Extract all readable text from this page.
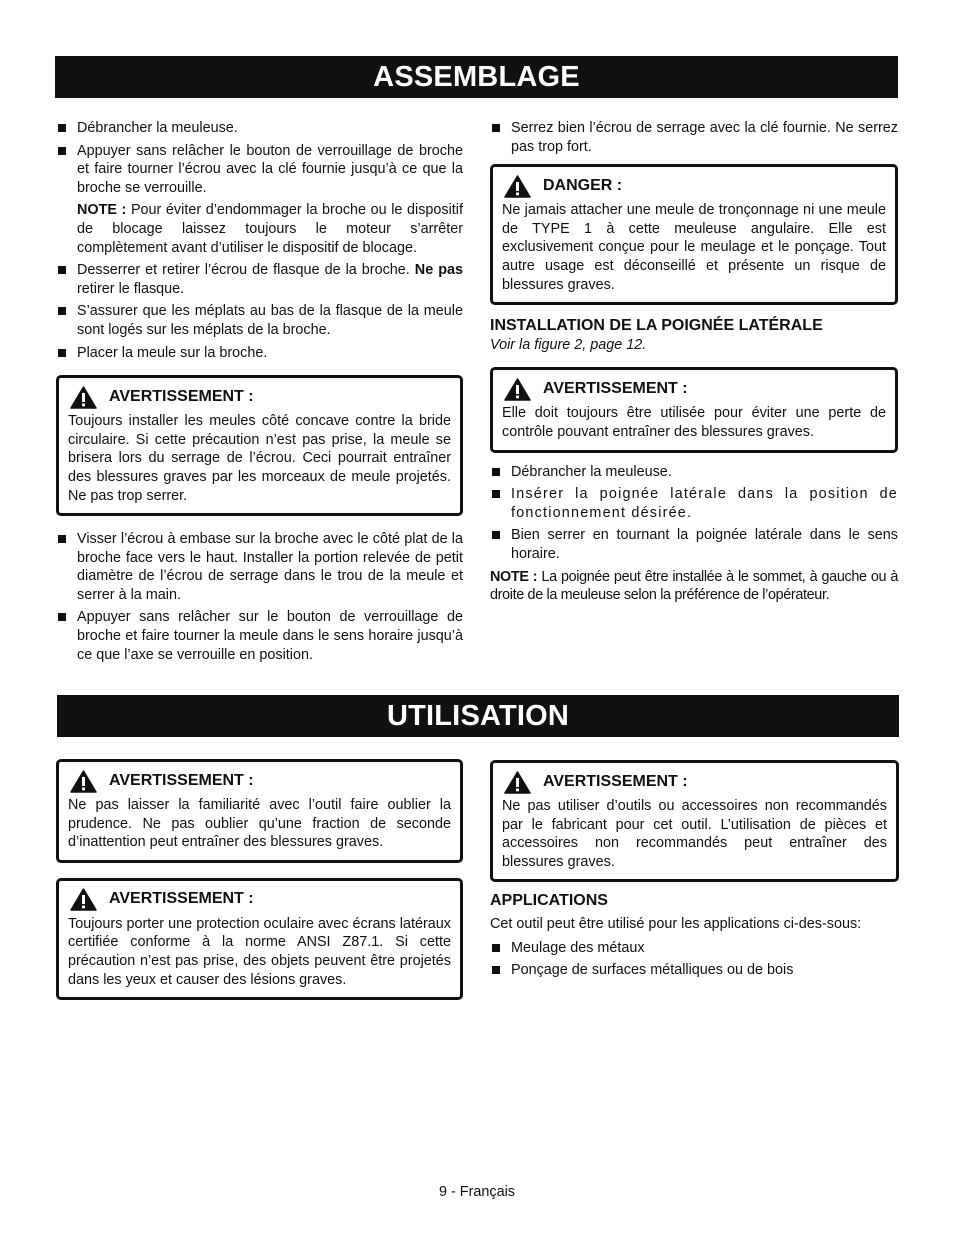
ASSEMBLAGE
Débrancher la meuleuse.
Appuyer sans relâcher le bouton de verrouillage de broche et faire tourner l’écrou avec la clé fournie jusqu’à ce que la broche se verrouille.

NOTE : Pour éviter d’endommager la broche ou le dispositif de blocage laissez toujours le moteur s’arrêter complètement avant d’utiliser le dispositif de blocage.

Desserrer et retirer l’écrou de flasque de la broche. Ne pas retirer le flasque.
S’assurer que les méplats au bas de la flasque de la meule sont logés sur les méplats de la broche.
Placer la meule sur la broche.
AVERTISSEMENT :

Toujours installer les meules côté concave contre la bride circulaire. Si cette précaution n’est pas prise, la meule se brisera lors du serrage de l’écrou. Ceci pourrait entraîner des blessures graves par les morceaux de meule projetés. Ne pas trop serrer.

Visser l’écrou à embase sur la broche avec le côté plat de la broche face vers le haut. Installer la portion relevée de petit diamètre de l’écrou de serrage dans le trou de la meule et serrer à la main.
Appuyer sans relâcher sur le bouton de verrouillage de broche et faire tourner la meule dans le sens horaire jusqu’à ce que l’axe se verrouille en position.
Serrez bien l’écrou de serrage avec la clé fournie. Ne serrez pas trop fort.
DANGER :

Ne jamais attacher une meule de tronçonnage ni une meule de TYPE 1 à cette meuleuse angulaire. Elle est exclusivement conçue pour le meulage et le ponçage. Tout autre usage est déconseillé et présente un risque de blessures graves.

INSTALLATION DE LA POIGNÉE LATÉRALE

Voir la figure 2, page 12.

AVERTISSEMENT :

Elle doit toujours être utilisée pour éviter une perte de contrôle pouvant entraîner des blessures graves.

Débrancher la meuleuse.
Insérer la poignée latérale dans la position de fonctionnement désirée.
Bien serrer en tournant la poignée latérale dans le sens horaire.

NOTE : La poignée peut être installée à le sommet, à gauche ou à droite de la meuleuse selon la préférence de l’opérateur.

UTILISATION
AVERTISSEMENT :

Ne pas laisser la familiarité avec l’outil faire oublier la prudence. Ne pas oublier qu’une fraction de seconde d’inattention peut entraîner des blessures graves.

AVERTISSEMENT :

Toujours porter une protection oculaire avec écrans latéraux certifiée conforme à la norme ANSI Z87.1. Si cette précaution n’est pas prise, des objets peuvent être projetés dans les yeux et causer des lésions graves.

AVERTISSEMENT :

Ne pas utiliser d’outils ou accessoires non recommandés par le fabricant pour cet outil. L’utilisation de pièces et accessoires non recommandés peut entraîner des blessures graves.

APPLICATIONS

Cet outil peut être utilisé pour les applications ci-des-sous:

Meulage des métaux
Ponçage de surfaces métalliques ou de bois
9 - Français
